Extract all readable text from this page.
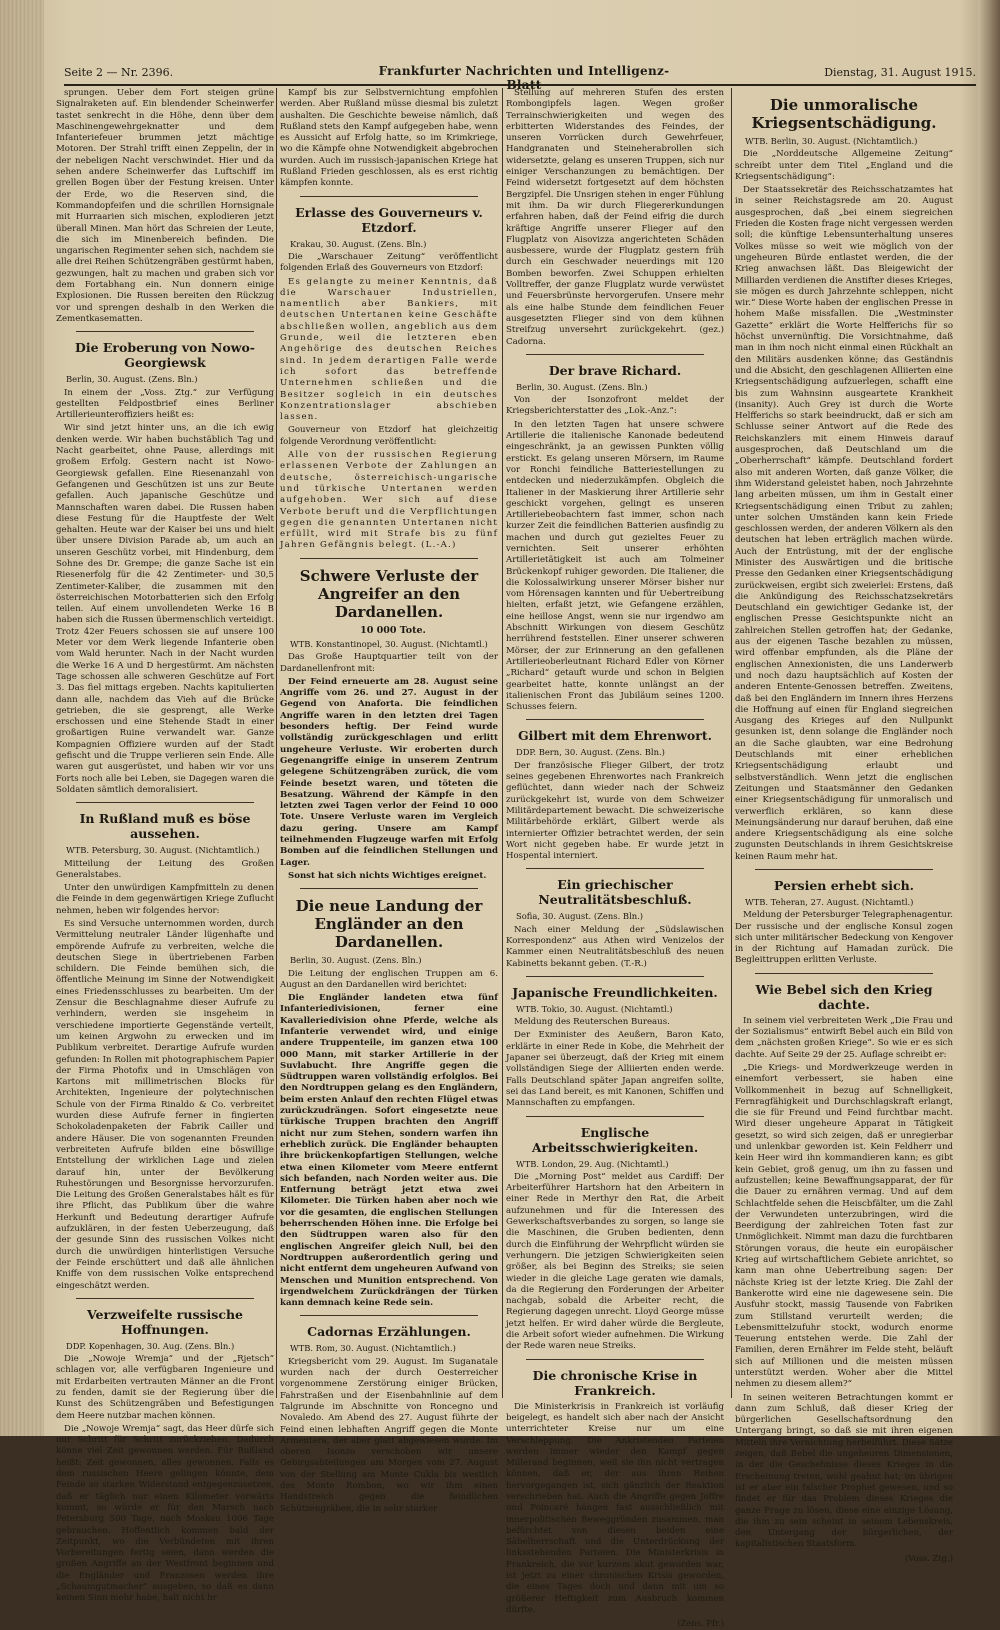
Seite 2 — Nr. 2396.	Frankfurter Nachrichten und Intelligenz-Blatt
Dienstag, 31. August 1915.

sprungen. Ueber dem Fort steigen grüne Signalraketen auf. Ein blendender Scheinwerfer tastet senkrecht in die Höhe, denn über dem Maschinengewehrgeknatter und dem Infanteriefeuer brummen jetzt mächtige Motoren. Der Strahl trifft einen Zeppelin, der in der nebeligen Nacht verschwindet. Hier und da sehen andere Scheinwerfer das Luftschiff im grellen Bogen über der Festung kreisen. Unter der Erde, wo die Reserven sind, die Kommandopfeifen und die schrillen Hornsignale mit Hurraarien sich mischen, explodieren jetzt überall Minen. Man hört das Schreien der Leute, die sich im Minenbereich befinden. Die ungarischen Regimenter sehen sich, nachdem sie alle drei Reihen Schützengräben gestürmt haben, gezwungen, halt zu machen und graben sich vor dem Fortabhang ein. Nun donnern einige Explosionen. Die Russen bereiten den Rückzug vor und sprengen deshalb in den Werken die Zementkasematten.

Die Eroberung von Nowo-Georgiewsk

Berlin, 30. August. (Zens. Bln.)

In einem der „Voss. Ztg.“ zur Verfügung gestellten Feldpostbrief eines Berliner Artillerieunteroffiziers heißt es:

Wir sind jetzt hinter uns, an die ich ewig denken werde. Wir haben buchstäblich Tag und Nacht gearbeitet, ohne Pause, allerdings mit großem Erfolg. Gestern nacht ist Nowo-Georgiewsk gefallen. Eine Riesenanzahl von Gefangenen und Geschützen ist uns zur Beute gefallen. Auch japanische Geschütze und Mannschaften waren dabei. Die Russen haben diese Festung für die Hauptfeste der Welt gehalten. Heute war der Kaiser bei uns und hielt über unsere Division Parade ab, um auch an unseren Geschütz vorbei, mit Hindenburg, dem Sohne des Dr. Grempe; die ganze Sache ist ein Riesenerfolg für die 42 Zentimeter- und 30,5 Zentimeter-Kaliber, die zusammen mit den österreichischen Motorbatterien sich den Erfolg teilen. Auf einem unvollendeten Werke 16 B haben sich die Russen übermenschlich verteidigt. Trotz 42er Feuers schossen sie auf unsere 100 Meter vor dem Werk liegende Infanterie oben vom Wald herunter. Nach in der Nacht wurden die Werke 16 A und D hergestürmt. Am nächsten Tage schossen alle schweren Geschütze auf Fort 3. Das fiel mittags ergeben. Nachts kapitulierten dann alle, nachdem das Vieh auf die Brücke getrieben, die sie gesprengt, alle Werke erschossen und eine Stehende Stadt in einer großartigen Ruine verwandelt war. Ganze Kompagnien Offiziere wurden auf der Stadt gefischt und die Truppe verlieren sein Ende. Alle waren gut ausgerüstet, und haben wir vor uns Forts noch alle bei Leben, sie Dagegen waren die Soldaten sämtlich demoralisiert.

In Rußland muß es böse aussehen.

WTB. Petersburg, 30. August. (Nichtamtlich.)

Mitteilung der Leitung des Großen Generalstabes.

Unter den unwürdigen Kampfmitteln zu denen die Feinde in dem gegenwärtigen Kriege Zuflucht nehmen, heben wir folgendes hervor:

Es sind Versuche unternommen worden, durch Vermittelung neutraler Länder lügenhafte und empörende Aufrufe zu verbreiten, welche die deutschen Siege in übertriebenen Farben schildern. Die Feinde bemühen sich, die öffentliche Meinung im Sinne der Notwendigkeit eines Friedensschlusses zu bearbeiten. Um der Zensur die Beschlagnahme dieser Aufrufe zu verhindern, werden sie insgeheim in verschiedene importierte Gegenstände verteilt, um keinen Argwohn zu erwecken und im Publikum verbreitet. Derartige Aufrufe wurden gefunden: In Rollen mit photographischem Papier der Firma Photofix und in Umschlägen von Kartons mit millimetrischen Blocks für Architekten, Ingenieure der polytechnischen Schule von der Firma Rinaldo & Co. verbreitet wurden diese Aufrufe ferner in fingierten Schokoladenpaketen der Fabrik Cailler und andere Häuser. Die von sogenannten Freunden verbreiteten Aufrufe bilden eine böswillige Entstellung der wirklichen Lage und zielen darauf hin, unter der Bevölkerung Ruhestörungen und Besorgnisse hervorzurufen. Die Leitung des Großen Generalstabes hält es für ihre Pflicht, das Publikum über die wahre Herkunft und Bedeutung derartiger Aufrufe aufzuklären, in der festen Ueberzeugung, daß der gesunde Sinn des russischen Volkes nicht durch die unwürdigen hinterlistigen Versuche der Feinde erschüttert und daß alle ähnlichen Kniffe von dem russischen Volke entsprechend eingeschätzt werden.

Verzweifelte russische Hoffnungen.

DDP. Kopenhagen, 30. Aug. (Zens. Bln.)

Die „Nowoje Wremja“ und der „Rjetsch“ schlagen vor, alle verfügbaren Ingenieure und mit Erdarbeiten vertrauten Männer an die Front zu fenden, damit sie der Regierung über die Kunst des Schützengräben und Befestigungen dem Heere nutzbar machen können.

Die „Nowoje Wremja“ sagt, das Heer dürfe sich nur Schritt für Schritt zurückziehen. Dadurch könne viel Zeit gewonnen werden. Für Rußland heißt: Zeit gewonnen, alles gewonnen. Falls es dem russischen Heere gelingen könnte, dem Feinde so starken Widerstand entgegenzusetzen, daß er täglich nur einen Kilometer vorwärts kommt, so würde er für den Marsch nach Petersburg 500 Tage, nach Moskau 1006 Tage gebrauchen. Hoffentlich kommen bald der Zeitpunkt, wo die Verbündeten mit ihren Vorbereitungen fertig seien, dann werden die großen Angriffe an der Westfront beginnen und die Engländer und Franzosen werden ihre „Schaumgutmacher“ ausgeben, so daß es dann keinen Sinn mehr habe, halt nicht hr

Kampf bis zur Selbstvernichtung empfohlen werden. Aber Rußland müsse diesmal bis zuletzt aushalten. Die Geschichte beweise nämlich, daß Rußland stets den Kampf aufgegeben habe, wenn es Aussicht auf Erfolg hatte, so im Krimkriege, wo die Kämpfe ohne Notwendigkeit abgebrochen wurden. Auch im russisch-japanischen Kriege hat Rußland Frieden geschlossen, als es erst richtig kämpfen konnte.

Erlasse des Gouverneurs v. Etzdorf.

Krakau, 30. August. (Zens. Bln.)

Die „Warschauer Zeitung“ veröffentlicht folgenden Erlaß des Gouverneurs von Etzdorf:

Es gelangte zu meiner Kenntnis, daß die Warschauer Industriellen, namentlich aber Bankiers, mit deutschen Untertanen keine Geschäfte abschließen wollen, angeblich aus dem Grunde, weil die letzteren eben Angehörige des deutschen Reiches sind. In jedem derartigen Falle werde ich sofort das betreffende Unternehmen schließen und die Besitzer sogleich in ein deutsches Konzentrationslager abschieben lassen.

Gouverneur von Etzdorf hat gleichzeitig folgende Verordnung veröffentlicht:

Alle von der russischen Regierung erlassenen Verbote der Zahlungen an deutsche, österreichisch-ungarische und türkische Untertanen werden aufgehoben. Wer sich auf diese Verbote beruft und die Verpflichtungen gegen die genannten Untertanen nicht erfüllt, wird mit Strafe bis zu fünf Jahren Gefängnis belegt. (L.-A.)

Schwere Verluste der Angreifer an den Dardanellen.

10 000 Tote.

WTB. Konstantinopel, 30. August. (Nichtamtl.)

Das Große Hauptquartier teilt von der Dardanellenfront mit:

Der Feind erneuerte am 28. August seine Angriffe vom 26. und 27. August in der Gegend von Anaforta. Die feindlichen Angriffe waren in den letzten drei Tagen besonders heftig. Der Feind wurde vollständig zurückgeschlagen und erlitt ungeheure Verluste. Wir eroberten durch Gegenangriffe einige in unserem Zentrum gelegene Schützengräben zurück, die vom Feinde besetzt waren, und töteten die Besatzung. Während der Kämpfe in den letzten zwei Tagen verlor der Feind 10 000 Tote. Unsere Verluste waren im Vergleich dazu gering. Unsere am Kampf teilnehmenden Flugzeuge warfen mit Erfolg Bomben auf die feindlichen Stellungen und Lager.

Sonst hat sich nichts Wichtiges ereignet.

Die neue Landung der Engländer an den Dardanellen.

Berlin, 30. August. (Zens. Bln.)

Die Leitung der englischen Truppen am 6. August an den Dardanellen wird berichtet:

Die Engländer landeten etwa fünf Infanteriedivisionen, ferner eine Kavalleriedivision ohne Pferde, welche als Infanterie verwendet wird, und einige andere Truppenteile, im ganzen etwa 100 000 Mann, mit starker Artillerie in der Suvlabucht. Ihre Angriffe gegen die Südtruppen waren vollständig erfolglos. Bei den Nordtruppen gelang es den Engländern, beim ersten Anlauf den rechten Flügel etwas zurückzudrängen. Sofort eingesetzte neue türkische Truppen brachten den Angriff nicht nur zum Stehen, sondern warfen ihn erheblich zurück. Die Engländer behaupten ihre brückenkopfartigen Stellungen, welche etwa einen Kilometer vom Meere entfernt sich befanden, nach Norden weiter aus. Die Entfernung beträgt jetzt etwa zwei Kilometer. Die Türken haben aber noch wie vor die gesamten, die englischen Stellungen beherrschenden Höhen inne. Die Erfolge bei den Südtruppen waren also für den englischen Angreifer gleich Null, bei den Nordtruppen außerordentlich gering und nicht entfernt dem ungeheuren Aufwand von Menschen und Munition entsprechend. Von irgendwelchem Zurückdrängen der Türken kann demnach keine Rede sein.

Cadornas Erzählungen.

WTB. Rom, 30. August. (Nichtamtlich.)

Kriegsbericht vom 29. August. Im Suganatale wurden nach der durch Oesterreicher vorgenommene Zerstörung einiger Brücken, Fahrstraßen und der Eisenbahnlinie auf dem Talgrunde im Abschnitte von Roncegno und Novaledo. Am Abend des 27. August führte der Feind einen lebhaften Angriff gegen die Monte Armentera, der aber glatt abgewiesen wurde. Im oberen Isonzo verschoben wir unsere Gebirgsabteilungen am Morgen vom 27. August von der Stellung am Monte Cukla bis westlich des Monte Rombon, wo wir ihm einen Handstreich gegen die feindlichen Schützengräben, die in sehr starker

Stellung auf mehreren Stufen des ersten Rombongipfels lagen. Wegen großer Terrainschwierigkeiten und wegen des erbitterten Widerstandes des Feindes, der unseren Vorrücken durch Gewehrfeuer, Handgranaten und Steineherabrollen sich widersetzte, gelang es unseren Truppen, sich nur einiger Verschanzungen zu bemächtigen. Der Feind widersetzt fortgesetzt auf dem höchsten Bergzipfel. Die Unsrigen stehen in enger Fühlung mit ihm. Da wir durch Fliegererkundungen erfahren haben, daß der Feind eifrig die durch kräftige Angriffe unserer Flieger auf den Flugplatz von Aisovizza angerichteten Schäden ausbessere, wurde der Flugplatz gestern früh durch ein Geschwader neuerdings mit 120 Bomben beworfen. Zwei Schuppen erhielten Volltreffer, der ganze Flugplatz wurde verwüstet und Feuersbrünste hervorgerufen. Unsere mehr als eine halbe Stunde dem feindlichen Feuer ausgesetzten Flieger sind von dem kühnen Streifzug unversehrt zurückgekehrt. (gez.) Cadorna.

Der brave Richard.

Berlin, 30. August. (Zens. Bln.)

Von der Isonzofront meldet der Kriegsberichterstatter des „Lok.-Anz.“:

In den letzten Tagen hat unsere schwere Artillerie die italienische Kanonade bedeutend eingeschränkt, ja an gewissen Punkten völlig erstickt. Es gelang unseren Mörsern, im Raume vor Ronchi feindliche Batteriestellungen zu entdecken und niederzukämpfen. Obgleich die Italiener in der Maskierung ihrer Artillerie sehr geschickt vorgehen, gelingt es unseren Artilleriebeobachtern fast immer, schon nach kurzer Zeit die feindlichen Batterien ausfindig zu machen und durch gut gezieltes Feuer zu vernichten. Seit unserer erhöhten Artillerietätigkeit ist auch am Tolmeiner Brückenkopf ruhiger geworden. Die Italiener, die die Kolossalwirkung unserer Mörser bisher nur vom Hörensagen kannten und für Uebertreibung hielten, erfaßt jetzt, wie Gefangene erzählen, eine heillose Angst, wenn sie nur irgendwo am Abschnitt Wirkungen von diesem Geschütz herrührend feststellen. Einer unserer schweren Mörser, der zur Erinnerung an den gefallenen Artillerieoberleutnant Richard Edler von Körner „Richard“ getauft wurde und schon in Belgien gearbeitet hatte, konnte unlängst an der italienischen Front das Jubiläum seines 1200. Schusses feiern.

Gilbert mit dem Ehrenwort.

DDP. Bern, 30. August. (Zens. Bln.)

Der französische Flieger Gilbert, der trotz seines gegebenen Ehrenwortes nach Frankreich geflüchtet, dann wieder nach der Schweiz zurückgekehrt ist, wurde von dem Schweizer Militärdepartement bewacht. Die schweizerische Militärbehörde erklärt, Gilbert werde als internierter Offizier betrachtet werden, der sein Wort nicht gegeben habe. Er wurde jetzt in Hospental interniert.

Ein griechischer Neutralitätsbeschluß.

Sofia, 30. August. (Zens. Bln.)

Nach einer Meldung der „Südslawischen Korrespondenz“ aus Athen wird Venizelos der Kammer einen Neutralitätsbeschluß des neuen Kabinetts bekannt geben. (T.-R.)

Japanische Freundlichkeiten.

WTB. Tokio, 30. August. (Nichtamtl.)

Meldung des Reuterschen Bureaus.

Der Exminister des Aeußern, Baron Kato, erklärte in einer Rede in Kobe, die Mehrheit der Japaner sei überzeugt, daß der Krieg mit einem vollständigen Siege der Alliierten enden werde. Falls Deutschland später Japan angreifen sollte, sei das Land bereit, es mit Kanonen, Schiffen und Mannschaften zu empfangen.

Englische Arbeitsschwierigkeiten.

WTB. London, 29. Aug. (Nichtamtl.)

Die „Morning Post“ meldet aus Cardiff: Der Arbeiterführer Hartshorn hat den Arbeitern in einer Rede in Merthyr den Rat, die Arbeit aufzunehmen und für die Interessen des Gewerkschaftsverbandes zu sorgen, so lange sie die Maschinen, die Gruben bedienten, denn durch die Einführung der Wehrpflicht würden sie verhungern. Die jetzigen Schwierigkeiten seien größer, als bei Beginn des Streiks; sie seien wieder in die gleiche Lage geraten wie damals, da die Regierung den Forderungen der Arbeiter nachgab, sobald die Arbeiter recht, die Regierung dagegen unrecht. Lloyd George müsse jetzt helfen. Er wird daher würde die Bergleute, die Arbeit sofort wieder aufnehmen. Die Wirkung der Rede waren neue Streiks.

Die chronische Krise in Frankreich.

Die Ministerkrisis in Frankreich ist vorläufig beigelegt, es handelt sich aber nach der Ansicht unterrichteter Kreise nur um eine Verschleppung. Die Ankristenden Parteien werden immer wieder den Kampf gegen Millerand beginnen, weil sie ihn nicht vertragen können, daß er, der aus ihren Reihen hervorgegangen ist, sich gänzlich der Reaktion verschrieben hat. Auch die Angriffe gegen Joffre und Poincaré hängen fast ausschließlich mit innerpolitischen Beweggründen zusammen, man befürchtet von diesen beiden eine Säbelherrschaft und die Unterdrückung der linksstehenden Parteien. Die Ministerkrisis in Frankreich, die vor kurzem akut geworden war, ist jetzt zu einer chronischen Krisis geworden, die eines Tages doch und dann mit um so größerer Heftigkeit zum Ausbruch kommen dürfte.

(Zens. Pfr.)

Die unmoralische Kriegsentschädigung.

WTB. Berlin, 30. August. (Nichtamtlich.)

Die „Norddeutsche Allgemeine Zeitung“ schreibt unter dem Titel „England und die Kriegsentschädigung“:

Der Staatssekretär des Reichsschatzamtes hat in seiner Reichstagsrede am 20. August ausgesprochen, daß „bei einem siegreichen Frieden die Kosten frage nicht vergessen werden soll; die künftige Lebensunterhaltung unseres Volkes müsse so weit wie möglich von der ungeheuren Bürde entlastet werden, die der Krieg anwachsen läßt. Das Bleigewicht der Milliarden verdienen die Anstifter dieses Krieges, sie mögen es durch Jahrzehnte schleppen, nicht wir.“ Diese Worte haben der englischen Presse in hohem Maße missfallen. Die „Westminster Gazette“ erklärt die Worte Helfferichs für so höchst unvernünftig. Die Vorsichtnahme, daß man in ihm noch nicht einmal einen Rückhalt an den Militärs ausdenken könne; das Geständnis und die Absicht, den geschlagenen Alliierten eine Kriegsentschädigung aufzuerlegen, schafft eine bis zum Wahnsinn ausgeartete Krankheit (insanity). Auch Grey ist durch die Worte Helfferichs so stark beeindruckt, daß er sich am Schlusse seiner Antwort auf die Rede des Reichskanzlers mit einem Hinweis darauf ausgesprochen, daß Deutschland um die „Oberherrschaft“ kämpfe. Deutschland fordert also mit anderen Worten, daß ganze Völker, die ihm Widerstand geleistet haben, noch Jahrzehnte lang arbeiten müssen, um ihm in Gestalt einer Kriegsentschädigung einen Tribut zu zahlen; unter solchen Umständen kann kein Friede geschlossen werden, der anderen Völkern als den deutschen hat leben erträglich machen würde. Auch der Entrüstung, mit der der englische Minister des Auswärtigen und die britische Presse den Gedanken einer Kriegsentschädigung zurückweisen, ergibt sich zweierlei: Erstens, daß die Ankündigung des Reichsschatzsekretärs Deutschland ein gewichtiger Gedanke ist, der englischen Presse Gesichtspunkte nicht an zahlreichen Stellen getroffen hat; der Gedanke, aus der eigenen Tasche bezahlen zu müssen, wird offenbar empfunden, als die Pläne der englischen Annexionisten, die uns Landerwerb und noch dazu hauptsächlich auf Kosten der anderen Entente-Genossen betreffen. Zweitens, daß bei den Engländern im Innern ihres Herzens die Hoffnung auf einen für England siegreichen Ausgang des Krieges auf den Nullpunkt gesunken ist, denn solange die Engländer noch an die Sache glaubten, war eine Bedrohung Deutschlands mit einer erheblichen Kriegsentschädigung erlaubt und selbstverständlich. Wenn jetzt die englischen Zeitungen und Staatsmänner den Gedanken einer Kriegsentschädigung für unmoralisch und verwerflich erklären, so kann diese Meinungsänderung nur darauf beruhen, daß eine andere Kriegsentschädigung als eine solche zugunsten Deutschlands in ihrem Gesichtskreise keinen Raum mehr hat.

Persien erhebt sich.

WTB. Teheran, 27. August. (Nichtamtl.)

Meldung der Petersburger Telegraphenagentur. Der russische und der englische Konsul zogen sich unter militärischer Bedeckung von Kengover in der Richtung auf Hamadan zurück. Die Begleittruppen erlitten Verluste.

Wie Bebel sich den Krieg dachte.

In seinem viel verbreiteten Werk „Die Frau und der Sozialismus“ entwirft Bebel auch ein Bild von dem „nächsten großen Kriege“. So wie er es sich dachte. Auf Seite 29 der 25. Auflage schreibt er:

„Die Kriegs- und Mordwerkzeuge werden in einemfort verbessert, sie haben eine Vollkommenheit in bezug auf Schnelligkeit, Fernragfähigkeit und Durchschlagskraft erlangt, die sie für Freund und Feind furchtbar macht. Wird dieser ungeheure Apparat in Tätigkeit gesetzt, so wird sich zeigen, daß er unregierbar und unlenkbar geworden ist. Kein Feldherr und kein Heer wird ihn kommandieren kann; es gibt kein Gebiet, groß genug, um ihn zu fassen und aufzustellen; keine Bewaffnungsapparat, der für die Dauer zu ernähren vermag. Und auf dem Schlachtfelde sehen die Heiscbfälter, um die Zahl der Verwundeten unterzubringen, wird die Beerdigung der zahlreichen Toten fast zur Unmöglichkeit. Nimmt man dazu die furchtbaren Störungen voraus, die heute ein europäischer Krieg auf wirtschaftlichem Gebiete anrichtet, so kann man ohne Uebertreibung sagen: Der nächste Krieg ist der letzte Krieg. Die Zahl der Bankerotte wird eine nie dagewesene sein. Die Ausfuhr stockt, massig Tausende von Fabriken zum Stillstand verurteilt werden; die Lebensmittelzufuhr stockt, wodurch enorme Teuerung entstehen werde. Die Zahl der Familien, deren Ernährer im Felde steht, beläuft sich auf Millionen und die meisten müssen unterstützt werden. Woher aber die Mittel nehmen zu diesem allem?“

In seinen weiteren Betrachtungen kommt er dann zum Schluß, daß dieser Krieg der bürgerlichen Gesellschaftsordnung den Untergang bringt, so daß sie mit ihren eigenen Mitteln ihre Vernichtung herbeiführt. Diese Sätze zeigen, daß Bebel die ungeheuren Dimensionen, in der die Geschehnisse dieses Krieges in die Erscheinung treten, wohl geahnt hat; im übrigen ist er aber ein falscher Prophet gewesen, und so findet er für das Problem dieses Krieges die ganze Frage zu lösen, diese eine einzige Lösung, die ihm zu sein scheint in seinem Lebenskreis, den Untergang der bürgerlichen, der kapitalistischen Staatsform.

(Voss. Ztg.)
